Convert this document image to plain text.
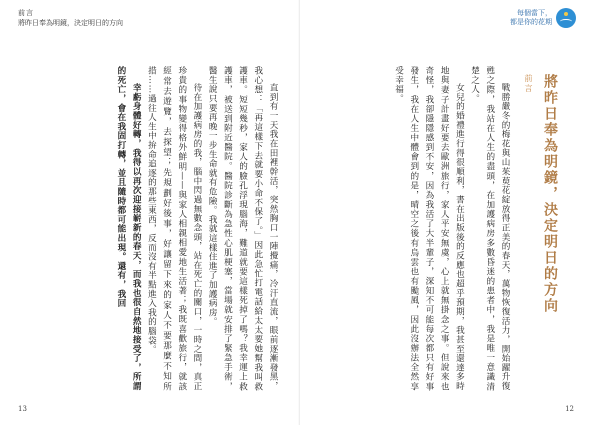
前言
將昨日奉為明鏡，決定明日的方向

直到有一天我在田裡幹活，突然胸口一陣攪痛，冷汗直流，眼前逐漸發黑，我心想：「再這樣下去就要小命不保了。」因此急忙打電話給太太要她幫我叫救護車。短短幾秒，家人的臉孔浮現腦海，難道就要這樣死掉了嗎？我幸運上救護車，被送到附近醫院。醫院診斷為急性心肌梗塞，當場就安排了緊急手術，醫生說只要再晚一步生命就有危險。我就這樣住進了加護病房。

待在加護病房的我，腦中閃過無數念頭，站在死亡的關口，一時之間，真正珍貴的事物變得格外鮮明——與家人相親相愛地生活著；我既喜歡旅行，就該經常去遊覽，去探望；先規劃好後事，好讓留下來的家人不要那麼不知所措……過往人生中拚命追逐的那些東西，反而沒有半點進入我的腦袋。

幸虧身體好轉，我得以再次迎接嶄新的春天，而我也很自然地接受了，所謂的死亡，會在我固打轉，並且隨時都可能出現。還有，我回

13
每個當下，
都是你的花期
12

戰勝嚴冬的梅花與山茱萸花綻放得正美的春天，萬物恢復活力，開始躍升復甦之際，我站在人生的盡頭，在加護病房多數昏迷的患者中，我是唯一意識清楚之人。

女兒的婚禮進行得很順利，書在出版後的反應也超乎預期，我甚至還達多時地與妻子計畫好要去歐洲旅行，家人平安無虞，心上就無掛念之事。但說來也奇怪，我卻隱隱感到不安，因為我活了大半輩子，深知不可能每次都只有好事發生，我在人生中體會到的是，晴空之後有烏雲也有颱風，因此沒辦法全然享受幸福。	前言 將昨日奉為明鏡，決定明日的方向
